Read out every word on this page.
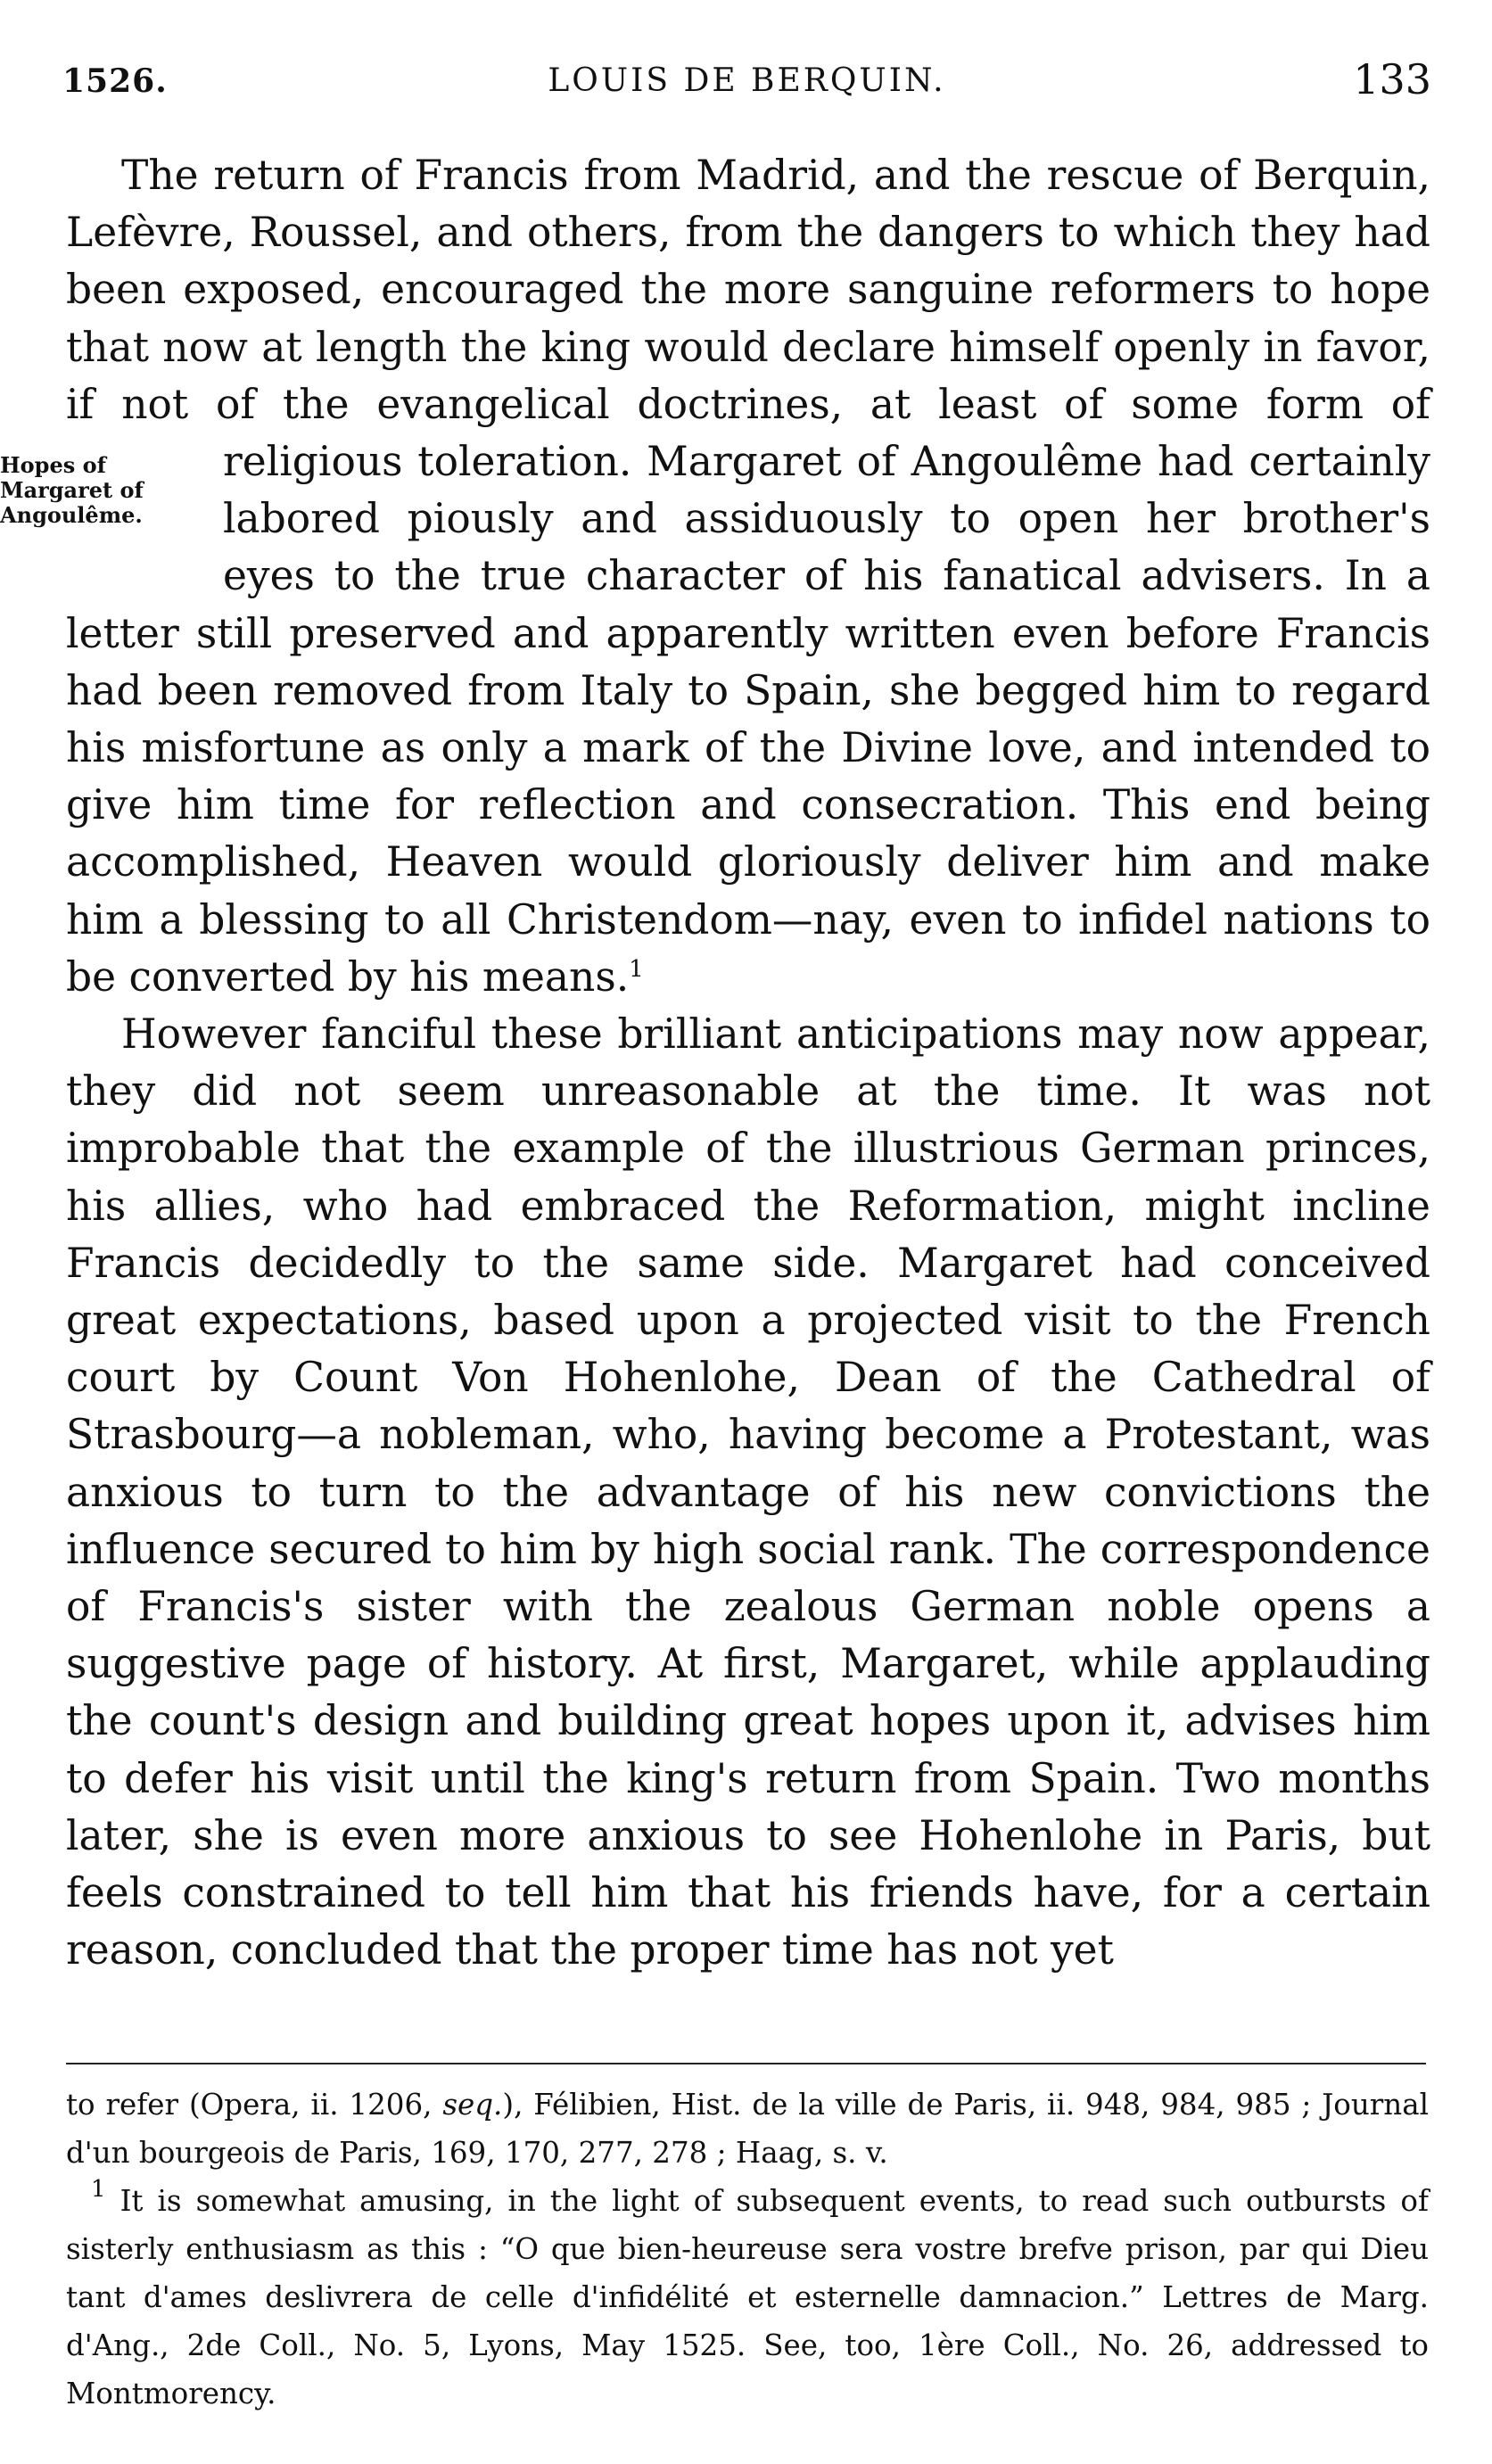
1526.	LOUIS DE BERQUIN.	133

The return of Francis from Madrid, and the rescue of Berquin, Lefèvre, Roussel, and others, from the dangers to which they had been exposed, encouraged the more sanguine reformers to hope that now at length the king would declare himself openly in favor, if not of the evangelical doctrines, at least of some form of religious toleration. Margaret of Angoulême had
Hopes of
Margaret of
Angoulême.
certainly labored piously and assiduously to open her brother's eyes to the true character of his fanatical advisers. In a letter still preserved and apparently written even before Francis had been removed from Italy to Spain, she begged him to regard his misfortune as only a mark of the Divine love, and intended to give him time for reflection and consecration. This end being accomplished, Heaven would gloriously deliver him and make him a blessing to all Christendom—nay, even to infidel nations to be converted by his means.$^1$

However fanciful these brilliant anticipations may now appear, they did not seem unreasonable at the time. It was not improbable that the example of the illustrious German princes, his allies, who had embraced the Reformation, might incline Francis decidedly to the same side. Margaret had conceived great expectations, based upon a projected visit to the French court by Count Von Hohenlohe, Dean of the Cathedral of Strasbourg—a nobleman, who, having become a Protestant, was anxious to turn to the advantage of his new convictions the influence secured to him by high social rank. The correspondence of Francis's sister with the zealous German noble opens a suggestive page of history. At first, Margaret, while applauding the count's design and building great hopes upon it, advises him to defer his visit until the king's return from Spain. Two months later, she is even more anxious to see Hohenlohe in Paris, but feels constrained to tell him that his friends have, for a certain reason, concluded that the proper time has not yet

to refer (Opera, ii. 1206, seq.), Félibien, Hist. de la ville de Paris, ii. 948, 984, 985 ; Journal d'un bourgeois de Paris, 169, 170, 277, 278 ; Haag, s. v.

$^1$ It is somewhat amusing, in the light of subsequent events, to read such outbursts of sisterly enthusiasm as this : “O que bien-heureuse sera vostre brefve prison, par qui Dieu tant d'ames deslivrera de celle d'infidélité et esternelle damnacion.” Lettres de Marg. d'Ang., 2de Coll., No. 5, Lyons, May 1525. See, too, 1ère Coll., No. 26, addressed to Montmorency.
